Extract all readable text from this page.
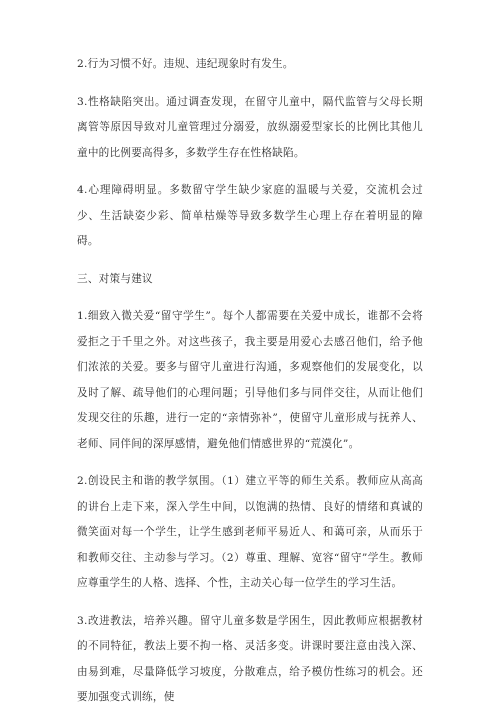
2.行为习惯不好。违规、违纪现象时有发生。

3.性格缺陷突出。通过调查发现，在留守儿童中，隔代监管与父母长期离管等原因导致对儿童管理过分溺爱，放纵溺爱型家长的比例比其他儿童中的比例要高得多，多数学生存在性格缺陷。

4.心理障碍明显。多数留守学生缺少家庭的温暖与关爱，交流机会过少、生活缺姿少彩、简单枯燥等导致多数学生心理上存在着明显的障碍。

三、对策与建议

1.细致入微关爱“留守学生”。每个人都需要在关爱中成长，谁都不会将爱拒之于千里之外。对这些孩子，我主要是用爱心去感召他们，给予他们浓浓的关爱。要多与留守儿童进行沟通，多观察他们的发展变化，以及时了解、疏导他们的心理问题；引导他们多与同伴交往，从而让他们发现交往的乐趣，进行一定的“亲情弥补”，使留守儿童形成与抚养人、老师、同伴间的深厚感情，避免他们情感世界的“荒漠化”。

2.创设民主和谐的教学氛围。（1）建立平等的师生关系。教师应从高高的讲台上走下来，深入学生中间，以饱满的热情、良好的情绪和真诚的微笑面对每一个学生，让学生感到老师平易近人、和蔼可亲，从而乐于和教师交往、主动参与学习。（2）尊重、理解、宽容“留守”学生。教师应尊重学生的人格、选择、个性，主动关心每一位学生的学习生活。

3.改进教法，培养兴趣。留守儿童多数是学困生，因此教师应根据教材的不同特征，教法上要不拘一格、灵活多变。讲课时要注意由浅入深、由易到难，尽量降低学习坡度，分散难点，给予模仿性练习的机会。还要加强变式训练，使
